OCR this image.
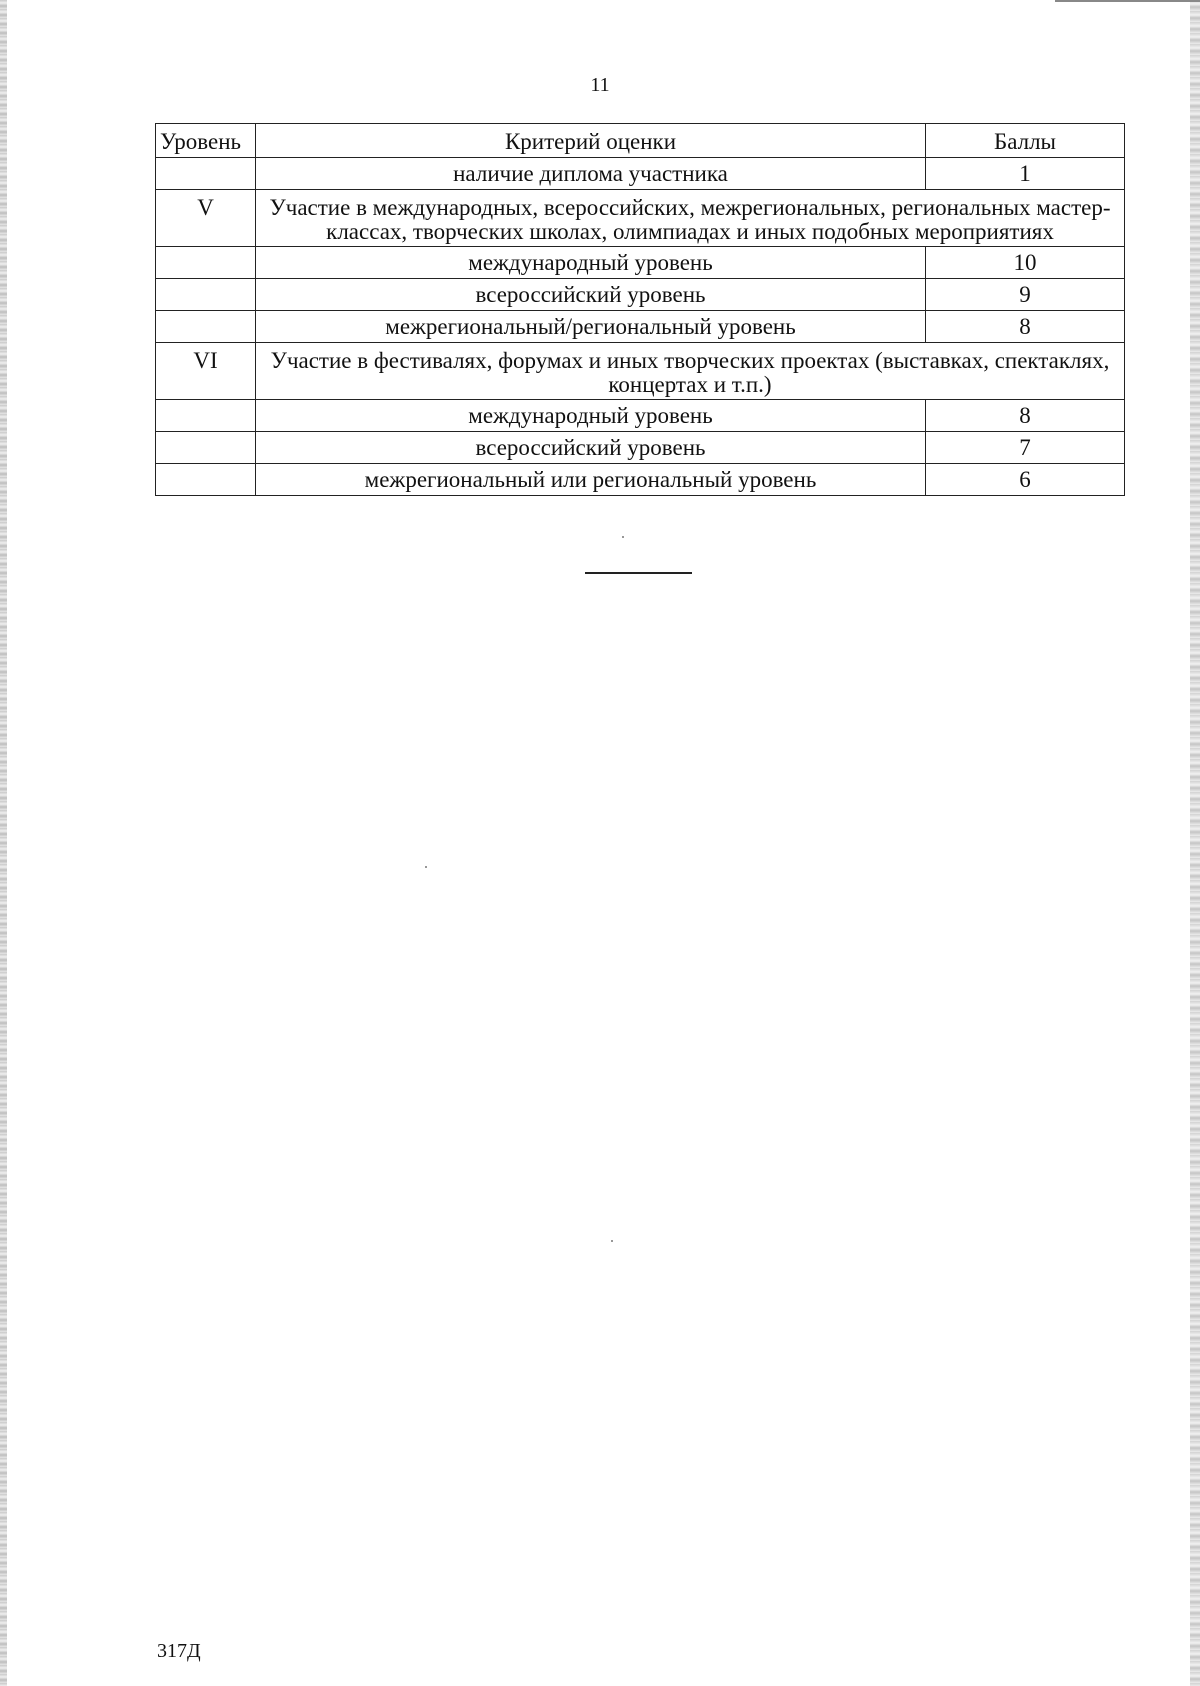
11
Уровень	Критерий оценки	Баллы
	наличие диплома участника	1
V	Участие в международных, всероссийских, межрегиональных, региональных мастер-классах, творческих школах, олимпиадах и иных подобных мероприятиях	
	международный уровень	10
	всероссийский уровень	9
	межрегиональный/региональный уровень	8
VI	Участие в фестивалях, форумах и иных творческих проектах (выставках, спектаклях, концертах и т.п.)	
	международный уровень	8
	всероссийский уровень	7
	межрегиональный или региональный уровень	6
317Д
